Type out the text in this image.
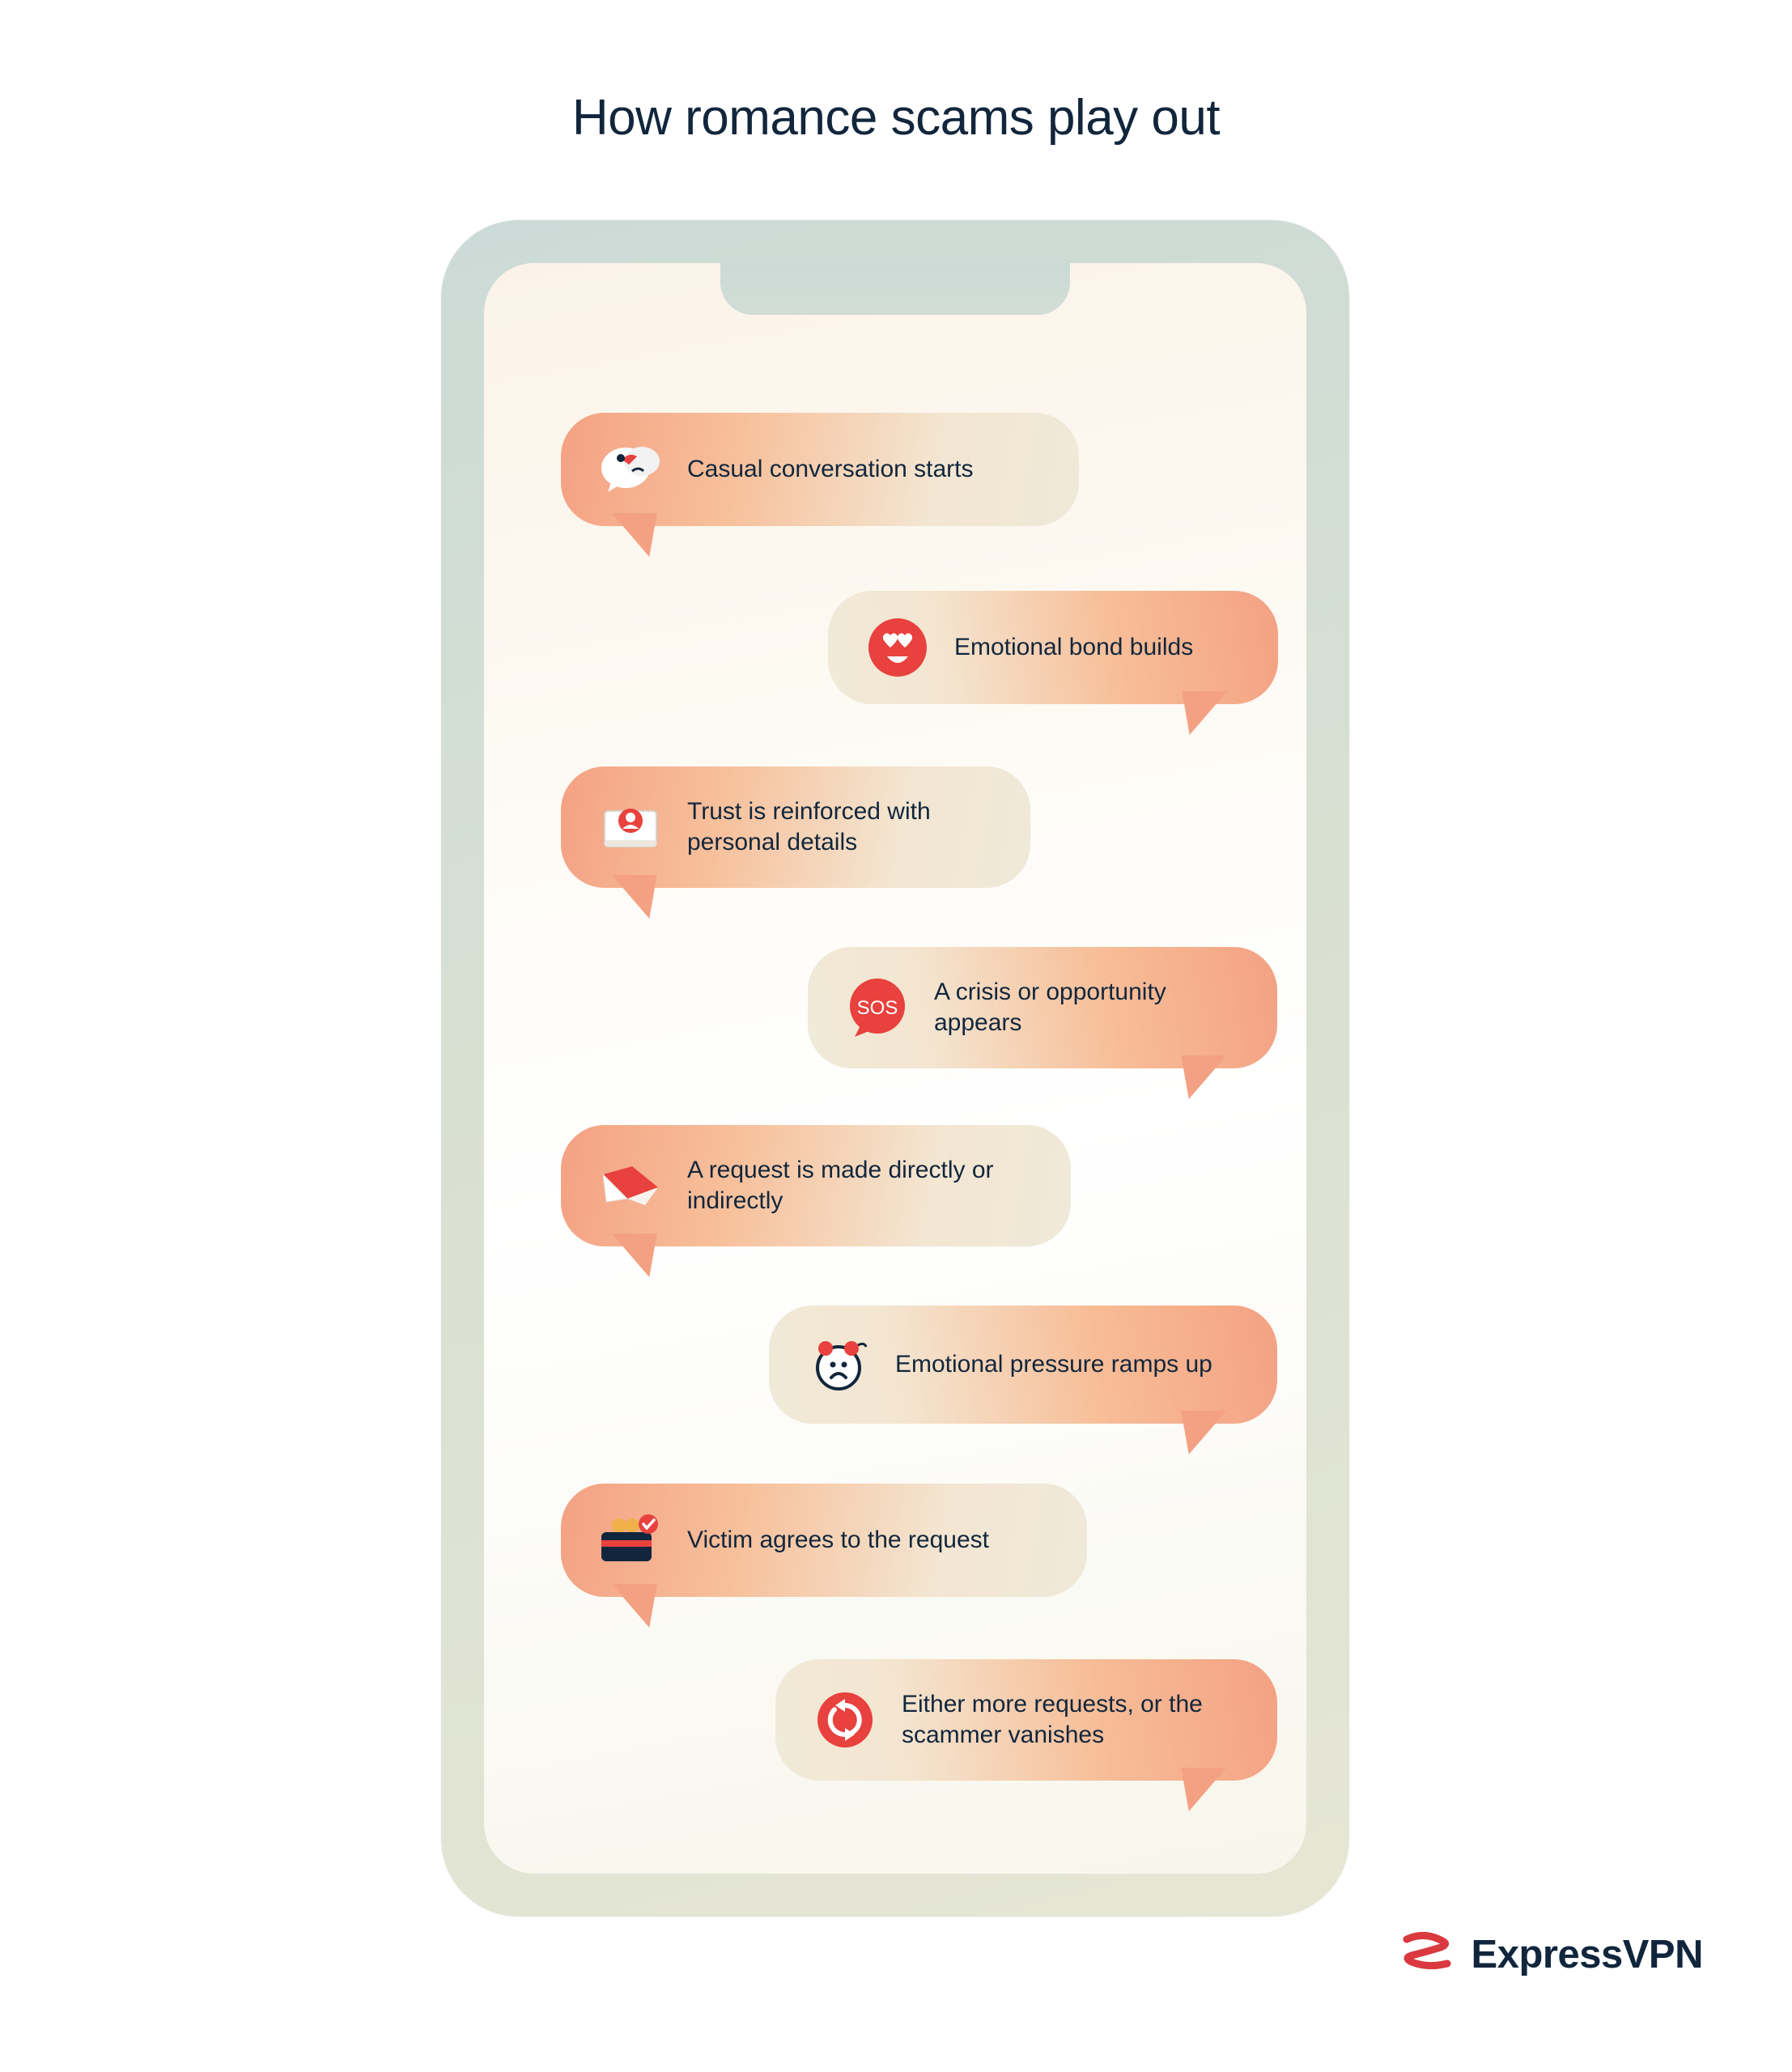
How romance scams play out
Casual conversation starts
Emotional bond builds
Trust is reinforced with personal details
SOS
A crisis or opportunity appears
A request is made directly or indirectly
Emotional pressure ramps up
Victim agrees to the request
Either more requests, or the scammer vanishes
ExpressVPN
